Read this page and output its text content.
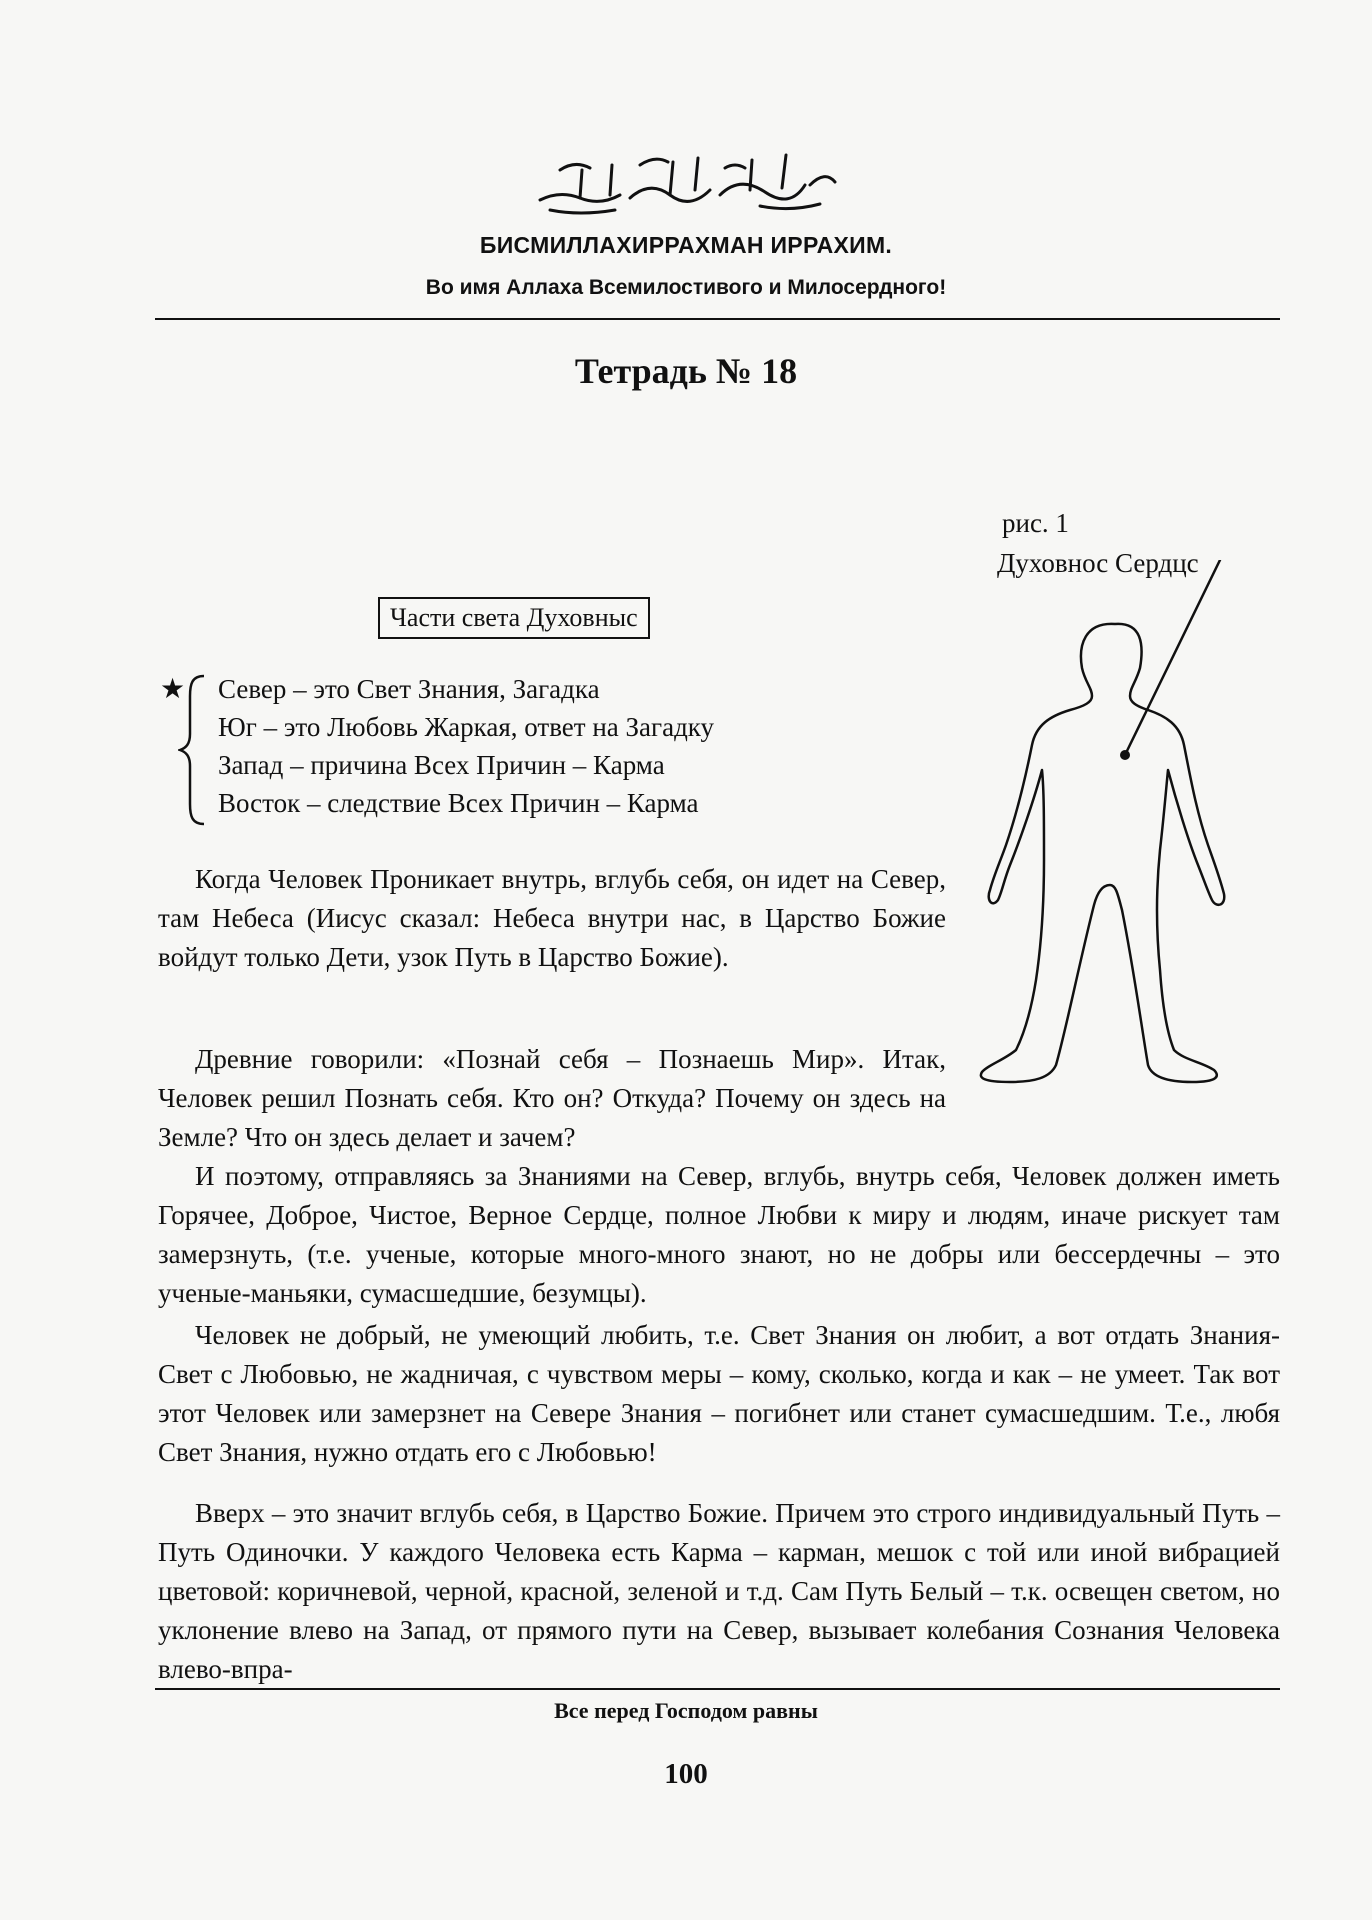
БИСМИЛЛАХИРРАХМАН ИРРАХИМ.
Во имя Аллаха Всемилостивого и Милосердного!
Тетрадь № 18
рис. 1
Духовнос Сердцс
Части света Духовныс
★ Север – это Свет Знания, Загадка
Юг – это Любовь Жаркая, ответ на Загадку
Запад – причина Всех Причин – Карма
Восток – следствие Всех Причин – Карма

Когда Человек Проникает внутрь, вглубь себя, он идет на Север, там Небеса (Иисус сказал: Небеса внутри нас, в Царство Божие войдут только Дети, узок Путь в Царство Божие).

Древние говорили: «Познай себя – Познаешь Мир». Итак, Человек решил Познать себя. Кто он? Откуда? Почему он здесь на Земле? Что он здесь делает и зачем?

И поэтому, отправляясь за Знаниями на Север, вглубь, внутрь себя, Человек должен иметь Горячее, Доброе, Чистое, Верное Сердце, полное Любви к миру и людям, иначе рискует там замерзнуть, (т.е. ученые, которые много-много знают, но не добры или бессердечны – это ученые-маньяки, сумасшедшие, безумцы).

Человек не добрый, не умеющий любить, т.е. Свет Знания он любит, а вот отдать Знания-Свет с Любовью, не жадничая, с чувством меры – кому, сколько, когда и как – не умеет. Так вот этот Человек или замерзнет на Севере Знания – погибнет или станет сумасшедшим. Т.е., любя Свет Знания, нужно отдать его с Любовью!

Вверх – это значит вглубь себя, в Царство Божие. Причем это строго индивидуальный Путь – Путь Одиночки. У каждого Человека есть Карма – карман, мешок с той или иной вибрацией цветовой: коричневой, черной, красной, зеленой и т.д. Сам Путь Белый – т.к. освещен светом, но уклонение влево на Запад, от прямого пути на Север, вызывает колебания Сознания Человека влево-впра-

Все перед Господом равны
100
